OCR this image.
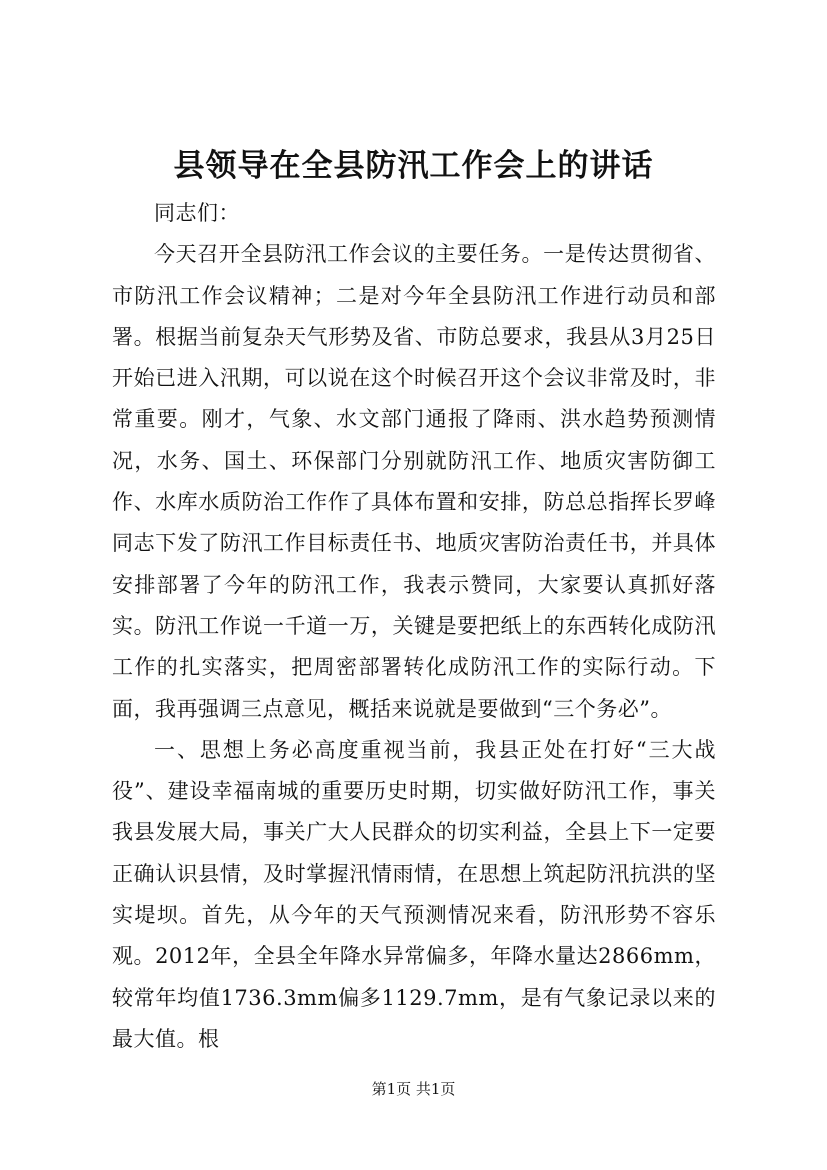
县领导在全县防汛工作会上的讲话
同志们：

今天召开全县防汛工作会议的主要任务。一是传达贯彻省、市防汛工作会议精神；二是对今年全县防汛工作进行动员和部署。根据当前复杂天气形势及省、市防总要求，我县从3月25日开始已进入汛期，可以说在这个时候召开这个会议非常及时，非常重要。刚才，气象、水文部门通报了降雨、洪水趋势预测情况，水务、国土、环保部门分别就防汛工作、地质灾害防御工作、水库水质防治工作作了具体布置和安排，防总总指挥长罗峰同志下发了防汛工作目标责任书、地质灾害防治责任书，并具体安排部署了今年的防汛工作，我表示赞同，大家要认真抓好落实。防汛工作说一千道一万，关键是要把纸上的东西转化成防汛工作的扎实落实，把周密部署转化成防汛工作的实际行动。下面，我再强调三点意见，概括来说就是要做到“三个务必”。

一、思想上务必高度重视当前，我县正处在打好“三大战役”、建设幸福南城的重要历史时期，切实做好防汛工作，事关我县发展大局，事关广大人民群众的切实利益，全县上下一定要正确认识县情，及时掌握汛情雨情，在思想上筑起防汛抗洪的坚实堤坝。首先，从今年的天气预测情况来看，防汛形势不容乐观。2012年，全县全年降水异常偏多，年降水量达2866mm，较常年均值1736.3mm偏多1129.7mm，是有气象记录以来的最大值。根

第1页 共1页
